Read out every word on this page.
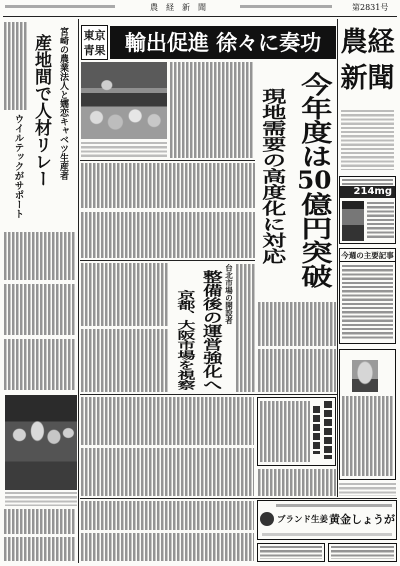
農　経　新　聞	第2831号
宮崎の農業法人と嬬恋キャベツ生産者
産地間で人材リレー
ウイルテックがサポート
東京
青果 輸出促進 徐々に奏功
現地需要の高度化に対応 今年度は50億円突破
京都、大阪市場を視察 整備後の運営強化へ 台北市場の開設者
ブランド生姜 黄金しょうが
農経
新聞
214mg
今週の主要記事
